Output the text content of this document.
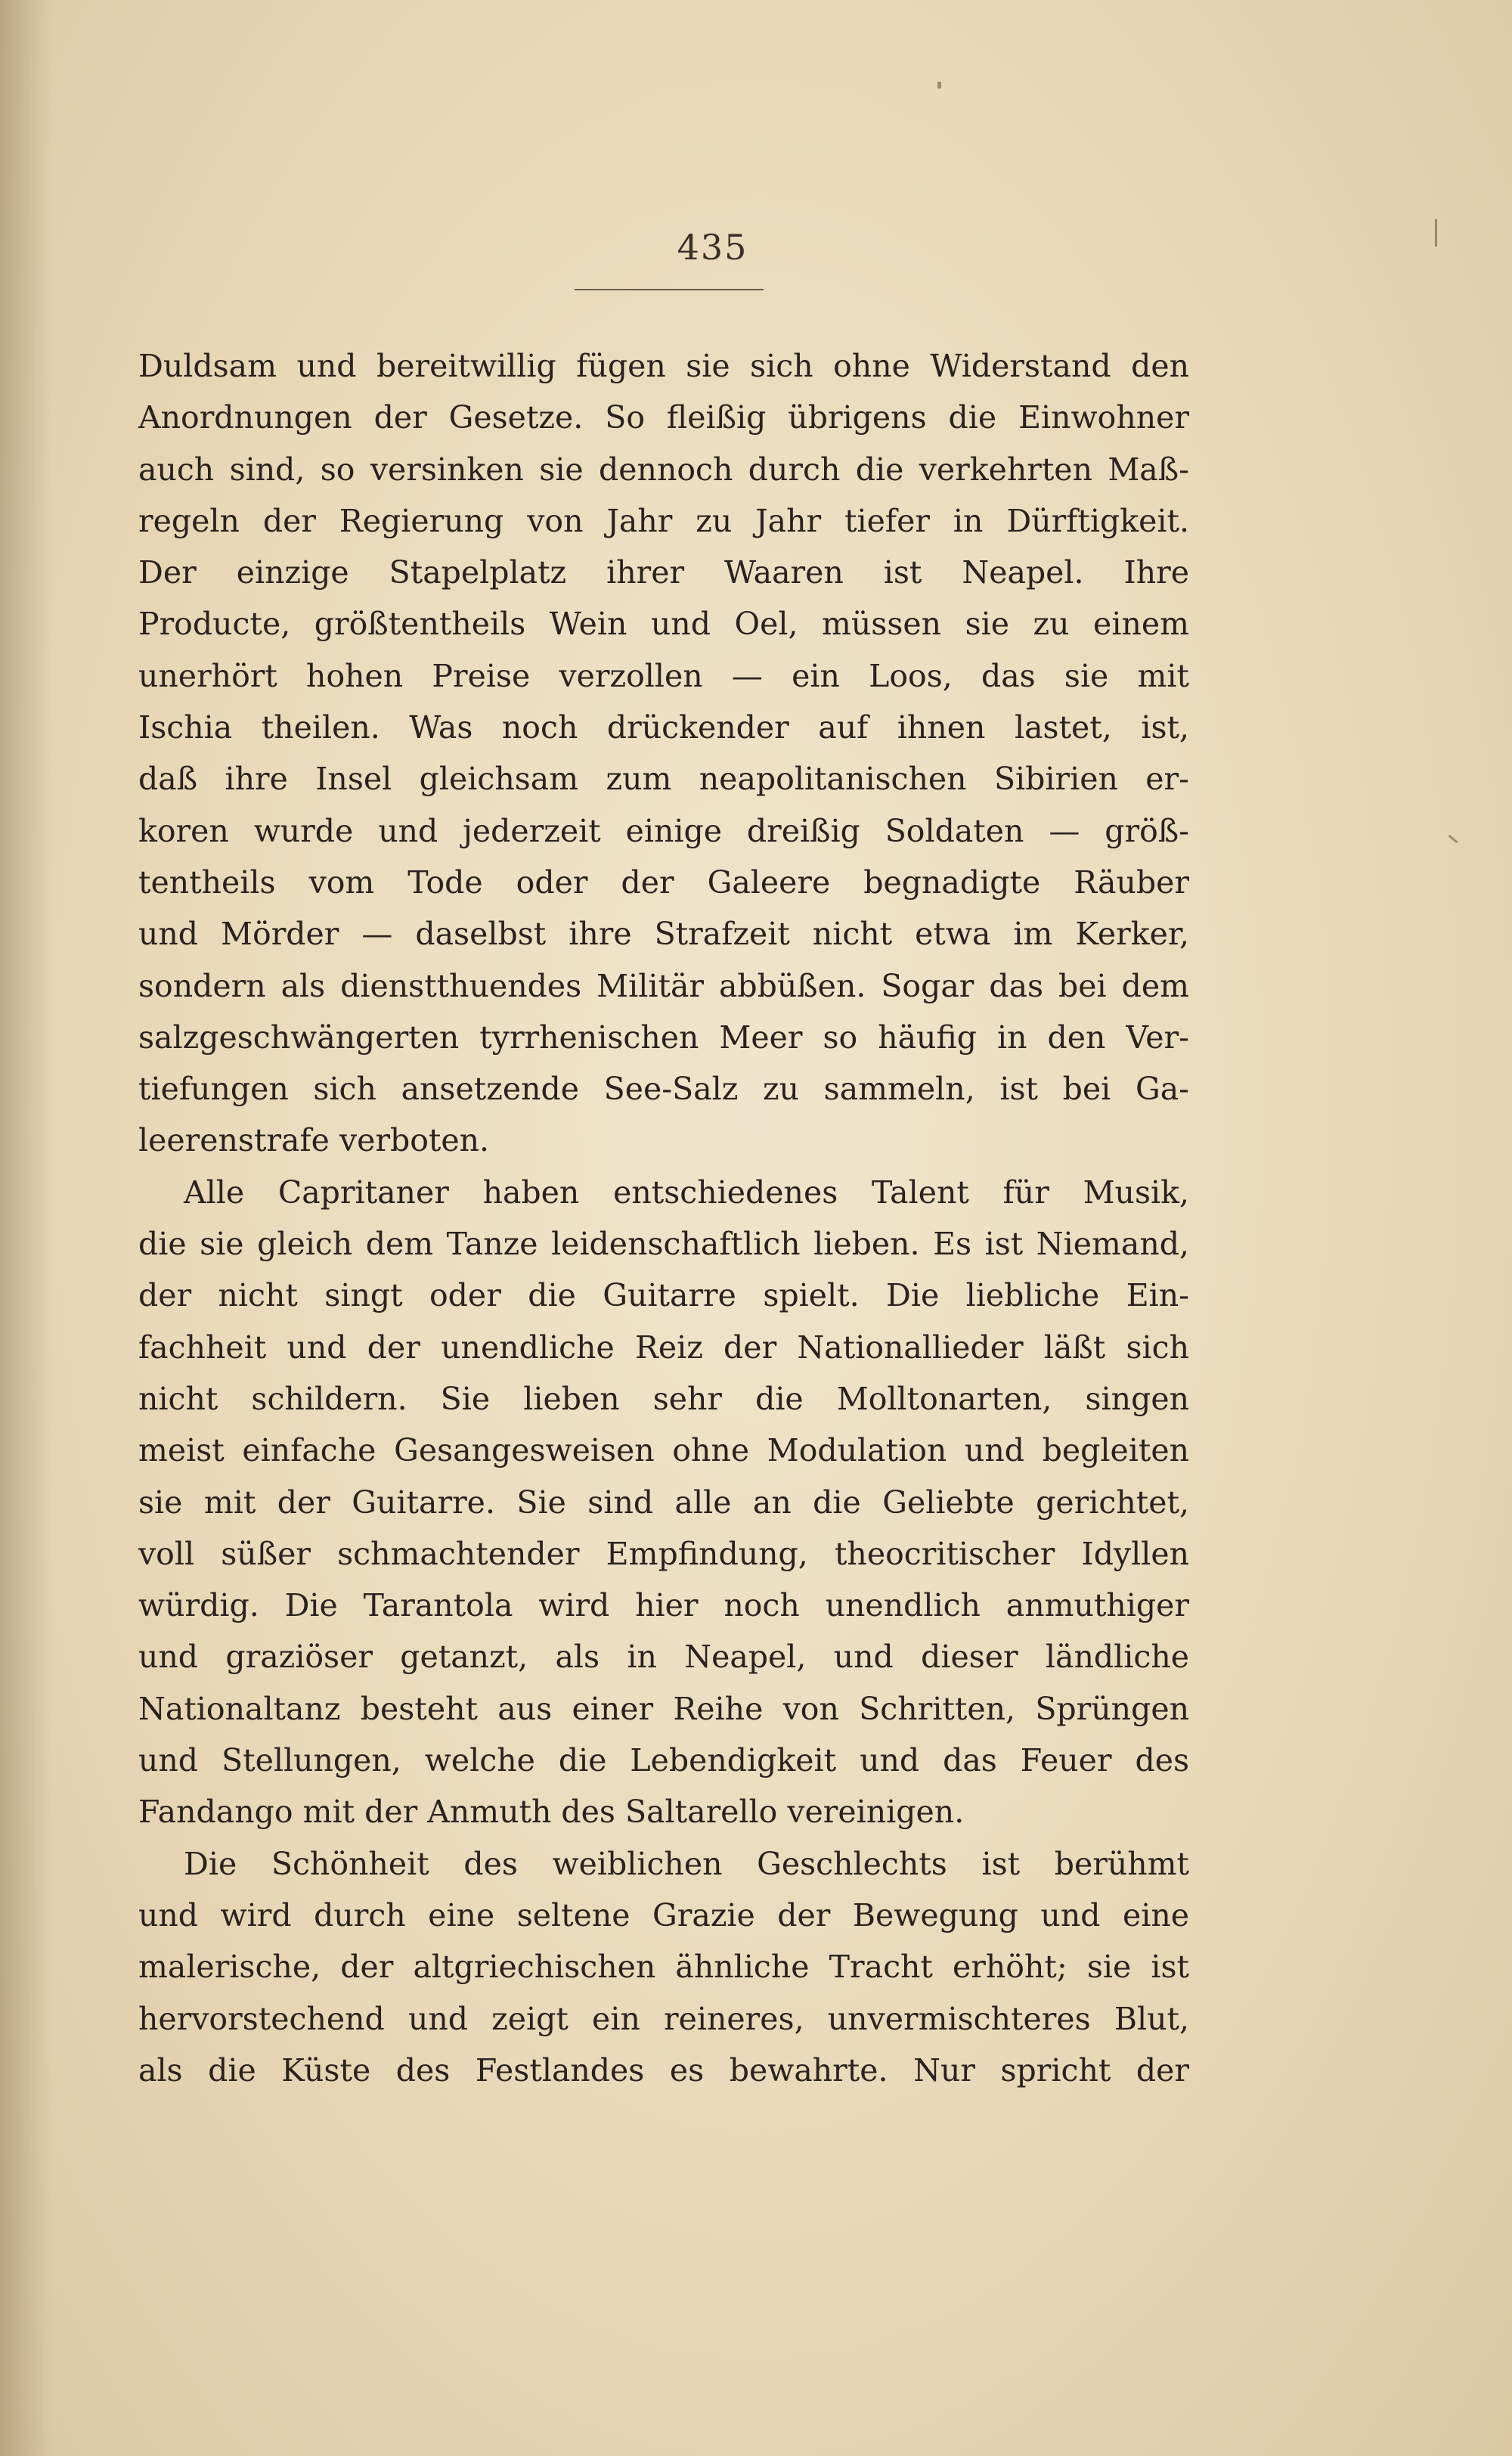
435
Duldsam und bereitwillig fügen sie sich ohne Widerstand den
Anordnungen der Gesetze. So fleißig übrigens die Einwohner
auch sind, so versinken sie dennoch durch die verkehrten Maß-
regeln der Regierung von Jahr zu Jahr tiefer in Dürftigkeit.
Der einzige Stapelplatz ihrer Waaren ist Neapel. Ihre
Producte, größtentheils Wein und Oel, müssen sie zu einem
unerhört hohen Preise verzollen — ein Loos, das sie mit
Ischia theilen. Was noch drückender auf ihnen lastet, ist,
daß ihre Insel gleichsam zum neapolitanischen Sibirien er-
koren wurde und jederzeit einige dreißig Soldaten — größ-
tentheils vom Tode oder der Galeere begnadigte Räuber
und Mörder — daselbst ihre Strafzeit nicht etwa im Kerker,
sondern als dienstthuendes Militär abbüßen. Sogar das bei dem
salzgeschwängerten tyrrhenischen Meer so häufig in den Ver-
tiefungen sich ansetzende See-Salz zu sammeln, ist bei Ga-
leerenstrafe verboten.
Alle Capritaner haben entschiedenes Talent für Musik,
die sie gleich dem Tanze leidenschaftlich lieben. Es ist Niemand,
der nicht singt oder die Guitarre spielt. Die liebliche Ein-
fachheit und der unendliche Reiz der Nationallieder läßt sich
nicht schildern. Sie lieben sehr die Molltonarten, singen
meist einfache Gesangesweisen ohne Modulation und begleiten
sie mit der Guitarre. Sie sind alle an die Geliebte gerichtet,
voll süßer schmachtender Empfindung, theocritischer Idyllen
würdig. Die Tarantola wird hier noch unendlich anmuthiger
und graziöser getanzt, als in Neapel, und dieser ländliche
Nationaltanz besteht aus einer Reihe von Schritten, Sprüngen
und Stellungen, welche die Lebendigkeit und das Feuer des
Fandango mit der Anmuth des Saltarello vereinigen.
Die Schönheit des weiblichen Geschlechts ist berühmt
und wird durch eine seltene Grazie der Bewegung und eine
malerische, der altgriechischen ähnliche Tracht erhöht; sie ist
hervorstechend und zeigt ein reineres, unvermischteres Blut,
als die Küste des Festlandes es bewahrte. Nur spricht der
